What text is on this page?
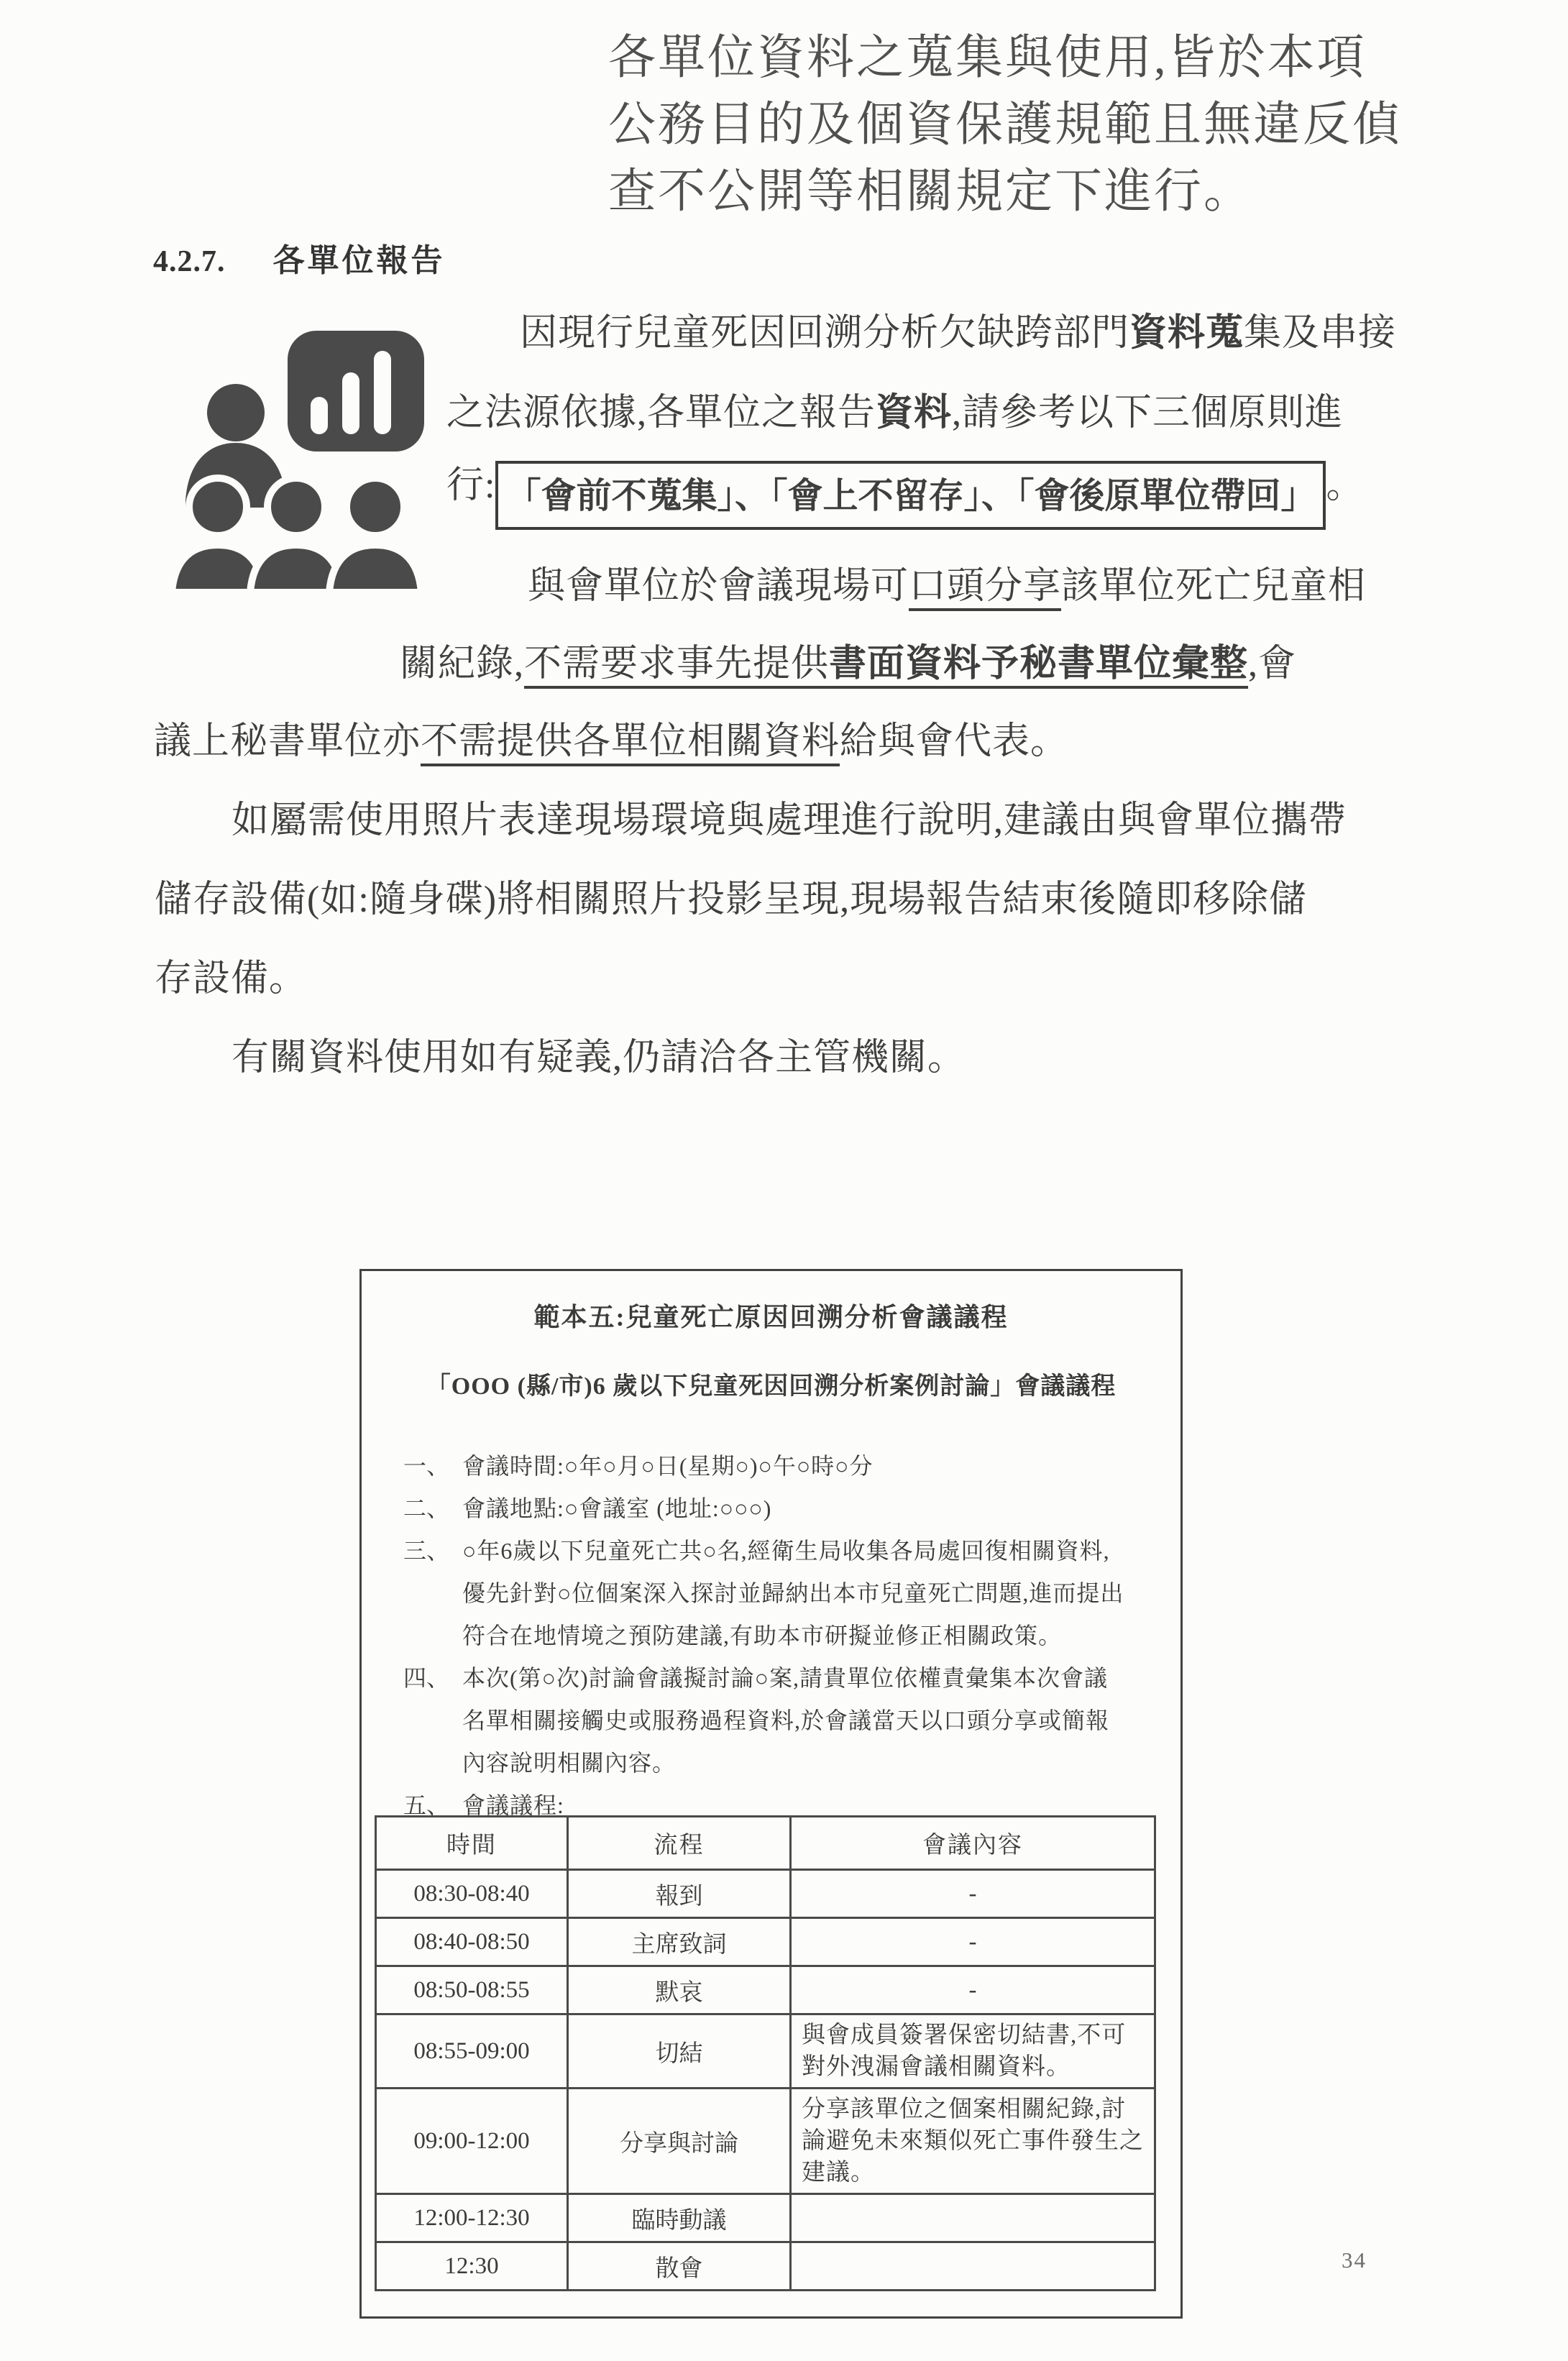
各單位資料之蒐集與使用,皆於本項
公務目的及個資保護規範且無違反偵
查不公開等相關規定下進行。
4.2.7. 各單位報告
因現行兒童死因回溯分析欠缺跨部門資料蒐集及串接
之法源依據,各單位之報告資料,請參考以下三個原則進
行: 「會前不蒐集」、「會上不留存」、「會後原單位帶回」 。
與會單位於會議現場可口頭分享該單位死亡兒童相
關紀錄,不需要求事先提供書面資料予秘書單位彙整,會
議上秘書單位亦不需提供各單位相關資料給與會代表。
如屬需使用照片表達現場環境與處理進行說明,建議由與會單位攜帶
儲存設備(如:隨身碟)將相關照片投影呈現,現場報告結束後隨即移除儲
存設備。
有關資料使用如有疑義,仍請洽各主管機關。
範本五:兒童死亡原因回溯分析會議議程
「OOO (縣/市)6 歲以下兒童死因回溯分析案例討論」會議議程
一、 會議時間:○年○月○日(星期○)○午○時○分
二、 會議地點:○會議室 (地址:○○○)
三、 ○年6歲以下兒童死亡共○名,經衛生局收集各局處回復相關資料,優先針對○位個案深入探討並歸納出本市兒童死亡問題,進而提出符合在地情境之預防建議,有助本市研擬並修正相關政策。
四、 本次(第○次)討論會議擬討論○案,請貴單位依權責彙集本次會議名單相關接觸史或服務過程資料,於會議當天以口頭分享或簡報內容說明相關內容。
五、 會議議程:
時間	流程	會議內容
08:30-08:40	報到	-
08:40-08:50	主席致詞	-
08:50-08:55	默哀	-
08:55-09:00	切結	與會成員簽署保密切結書,不可對外洩漏會議相關資料。
09:00-12:00	分享與討論	分享該單位之個案相關紀錄,討論避免未來類似死亡事件發生之建議。
12:00-12:30	臨時動議	
12:30	散會		34
